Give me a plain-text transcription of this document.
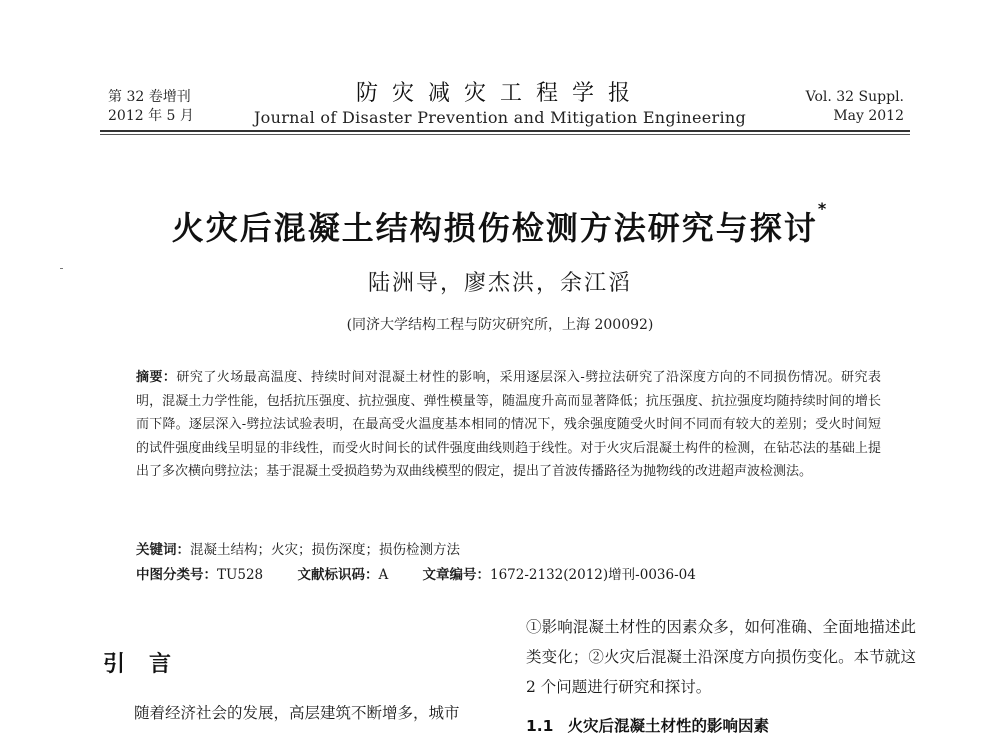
第 32 卷增刊
2012 年 5 月
防灾减灾工程学报
Journal of Disaster Prevention and Mitigation Engineering
Vol. 32 Suppl.
May 2012
火灾后混凝土结构损伤检测方法研究与探讨*
陆洲导，廖杰洪，余江滔
(同济大学结构工程与防灾研究所，上海 200092)
摘要：研究了火场最高温度、持续时间对混凝土材性的影响，采用逐层深入-劈拉法研究了沿深度方向的不同损伤情况。研究表明，混凝土力学性能，包括抗压强度、抗拉强度、弹性模量等，随温度升高而显著降低；抗压强度、抗拉强度均随持续时间的增长而下降。逐层深入-劈拉法试验表明，在最高受火温度基本相同的情况下，残余强度随受火时间不同而有较大的差别；受火时间短的试件强度曲线呈明显的非线性，而受火时间长的试件强度曲线则趋于线性。对于火灾后混凝土构件的检测，在钻芯法的基础上提出了多次横向劈拉法；基于混凝土受损趋势为双曲线模型的假定，提出了首波传播路径为抛物线的改进超声波检测法。
关键词：混凝土结构；火灾；损伤深度；损伤检测方法
中图分类号：TU528	文献标识码：A	文章编号：1672-2132(2012)增刊-0036-04
引言
随着经济社会的发展，高层建筑不断增多，城市
①影响混凝土材性的因素众多，如何准确、全面地描述此类变化；②火灾后混凝土沿深度方向损伤变化。本节就这 2 个问题进行研究和探讨。
1.1 火灾后混凝土材性的影响因素
